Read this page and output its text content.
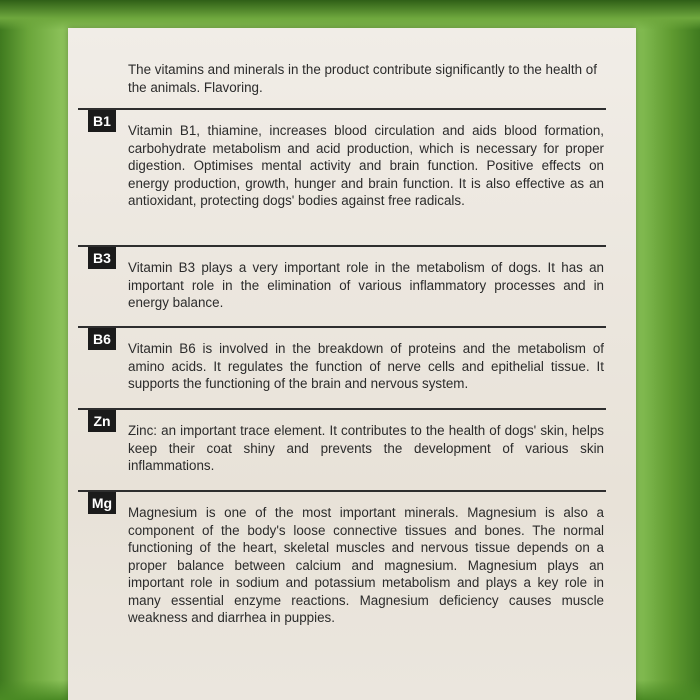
The vitamins and minerals in the product contribute significantly to the health of the animals. Flavoring.

B1

Vitamin B1, thiamine, increases blood circulation and aids blood formation, carbohydrate metabolism and acid production, which is necessary for proper digestion. Optimises mental activity and brain function. Positive effects on energy production, growth, hunger and brain function. It is also effective as an antioxidant, protecting dogs' bodies against free radicals.

B3

Vitamin B3 plays a very important role in the metabolism of dogs. It has an important role in the elimination of various inflammatory processes and in energy balance.

B6

Vitamin B6 is involved in the breakdown of proteins and the metabolism of amino acids. It regulates the function of nerve cells and epithelial tissue. It supports the functioning of the brain and nervous system.

Zn

Zinc: an important trace element. It contributes to the health of dogs' skin, helps keep their coat shiny and prevents the development of various skin inflammations.

Mg

Magnesium is one of the most important minerals. Magnesium is also a component of the body's loose connective tissues and bones. The normal functioning of the heart, skeletal muscles and nervous tissue depends on a proper balance between calcium and magnesium. Magnesium plays an important role in sodium and potassium metabolism and plays a key role in many essential enzyme reactions. Magnesium deficiency causes muscle weakness and diarrhea in puppies.
